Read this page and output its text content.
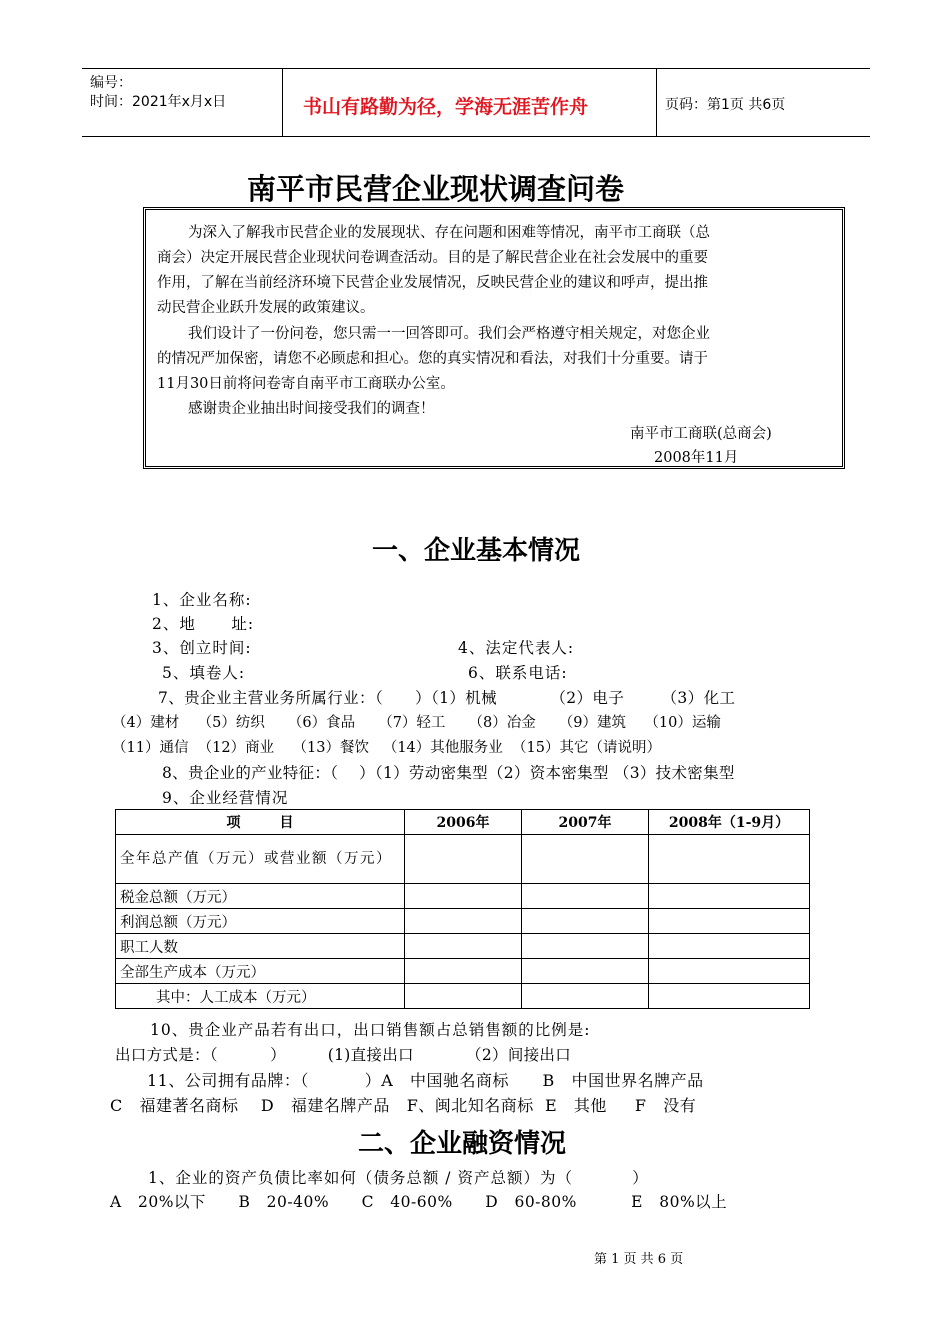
编号：
时间：2021年x月x日	书山有路勤为径，学海无涯苦作舟	页码：第1页 共6页
南平市民营企业现状调查问卷
为深入了解我市民营企业的发展现状、存在问题和困难等情况，南平市工商联（总
商会）决定开展民营企业现状问卷调查活动。目的是了解民营企业在社会发展中的重要
作用，了解在当前经济环境下民营企业发展情况，反映民营企业的建议和呼声，提出推
动民营企业跃升发展的政策建议。
我们设计了一份问卷，您只需一一回答即可。我们会严格遵守相关规定，对您企业
的情况严加保密，请您不必顾虑和担心。您的真实情况和看法，对我们十分重要。请于
11月30日前将问卷寄自南平市工商联办公室。
感谢贵企业抽出时间接受我们的调查！
南平市工商联(总商会)
2008年11月
一、企业基本情况
1、企业名称:
2、地      址:
3、创立时间:	4、法定代表人:
5、填卷人:	6、联系电话:
7、贵企业主营业务所属行业：（      ）（1）机械          （2）电子       （3）化工
（4）建材    （5）纺织     （6）食品     （7）轻工     （8）冶金     （9）建筑    （10）运输
（11）通信  （12）商业    （13）餐饮   （14）其他服务业  （15）其它（请说明）
8、贵企业的产业特征：（    ）（1）劳动密集型（2）资本密集型 （3）技术密集型
9、企业经营情况
项        目	2006年	2007年	2008年（1-9月）
全年总产值（万元）或营业额（万元）			
税金总额（万元）			
利润总额（万元）			
职工人数			
全部生产成本（万元）			
其中：人工成本（万元）			
10、贵企业产品若有出口，出口销售额占总销售额的比例是:
出口方式是：（          ）        (1)直接出口          （2）间接出口
11、公司拥有品牌：（          ）A   中国驰名商标      B   中国世界名牌产品
C   福建著名商标    D   福建名牌产品   F、闽北知名商标  E   其他     F   没有
二、企业融资情况
1、企业的资产负债比率如何（债务总额 / 资产总额）为（          ）
A   20%以下      B   20-40%      C   40-60%      D   60-80%          E   80%以上
第 1 页 共 6 页
